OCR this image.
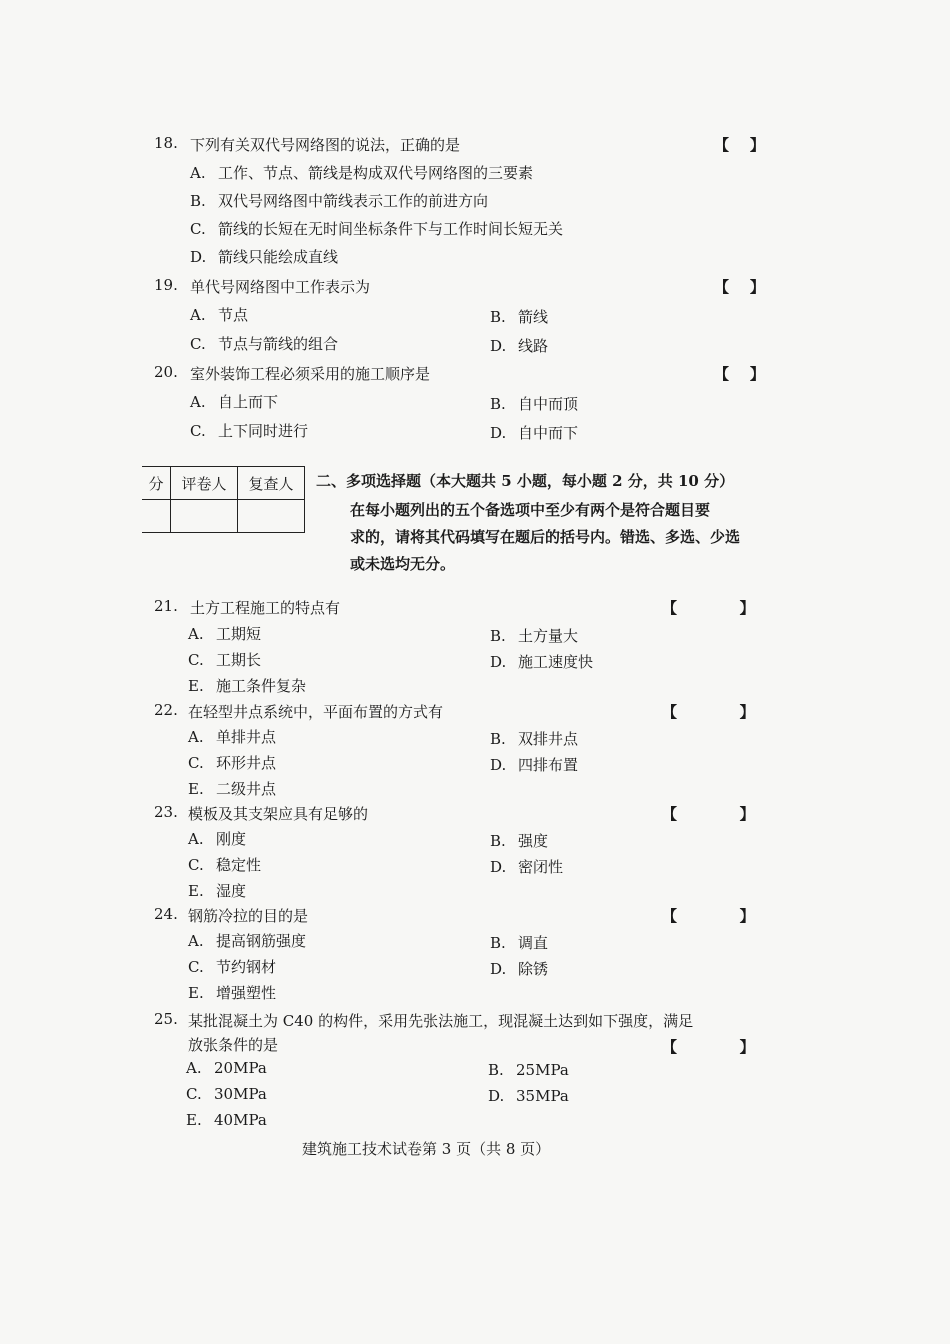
18. 下列有关双代号网络图的说法，正确的是	【    】
A. 工作、节点、箭线是构成双代号网络图的三要素
B. 双代号网络图中箭线表示工作的前进方向
C. 箭线的长短在无时间坐标条件下与工作时间长短无关
D. 箭线只能绘成直线
19. 单代号网络图中工作表示为	【    】
A. 节点	B. 箭线
C. 节点与箭线的组合	D. 线路
20. 室外装饰工程必须采用的施工顺序是	【    】
A. 自上而下	B. 自中而顶
C. 上下同时进行	D. 自中而下
分	评卷人	复查人
		二、多项选择题（本大题共 5 小题，每小题 2 分，共 10 分）
在每小题列出的五个备选项中至少有两个是符合题目要
求的，请将其代码填写在题后的括号内。错选、多选、少选
或未选均无分。
21. 土方工程施工的特点有	【            】
A. 工期短	B. 土方量大
C. 工期长	D. 施工速度快
E. 施工条件复杂
22. 在轻型井点系统中，平面布置的方式有	【            】
A. 单排井点	B. 双排井点
C. 环形井点	D. 四排布置
E. 二级井点
23. 模板及其支架应具有足够的	【            】
A. 刚度	B. 强度
C. 稳定性	D. 密闭性
E. 湿度
24. 钢筋冷拉的目的是	【            】
A. 提高钢筋强度	B. 调直
C. 节约钢材	D. 除锈
E. 增强塑性
25. 某批混凝土为 C40 的构件，采用先张法施工，现混凝土达到如下强度，满足
放张条件的是	【            】
A. 20MPa	B. 25MPa
C. 30MPa	D. 35MPa
E. 40MPa
建筑施工技术试卷第 3 页（共 8 页）
